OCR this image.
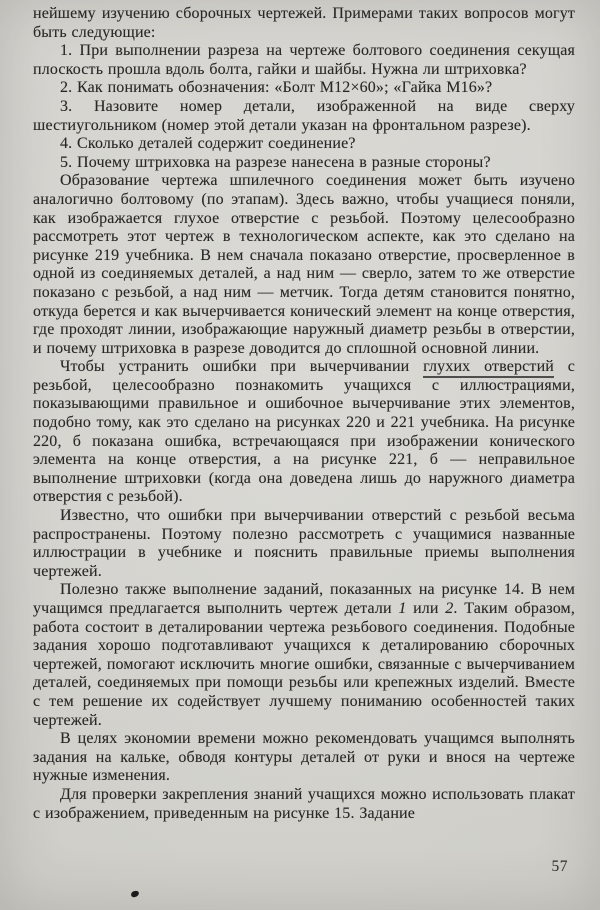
нейшему изучению сборочных чертежей. Примерами таких вопросов могут быть следующие:

1. При выполнении разреза на чертеже болтового соединения секущая плоскость прошла вдоль болта, гайки и шайбы. Нужна ли штриховка?

2. Как понимать обозначения: «Болт М12×60»; «Гайка М16»?

3. Назовите номер детали, изображенной на виде сверху шестиугольником (номер этой детали указан на фронтальном разрезе).

4. Сколько деталей содержит соединение?

5. Почему штриховка на разрезе нанесена в разные стороны?

Образование чертежа шпилечного соединения может быть изучено аналогично болтовому (по этапам). Здесь важно, чтобы учащиеся поняли, как изображается глухое отверстие с резьбой. Поэтому целесообразно рассмотреть этот чертеж в технологическом аспекте, как это сделано на рисунке 219 учебника. В нем сначала показано отверстие, просверленное в одной из соединяемых деталей, а над ним — сверло, затем то же отверстие показано с резьбой, а над ним — метчик. Тогда детям становится понятно, откуда берется и как вычерчивается конический элемент на конце отверстия, где проходят линии, изображающие наружный диаметр резьбы в отверстии, и почему штриховка в разрезе доводится до сплошной основной линии.

Чтобы устранить ошибки при вычерчивании глухих отверстий с резьбой, целесообразно познакомить учащихся с иллюстрациями, показывающими правильное и ошибочное вычерчивание этих элементов, подобно тому, как это сделано на рисунках 220 и 221 учебника. На рисунке 220, б показана ошибка, встречающаяся при изображении конического элемента на конце отверстия, а на рисунке 221, б — неправильное выполнение штриховки (когда она доведена лишь до наружного диаметра отверстия с резьбой).

Известно, что ошибки при вычерчивании отверстий с резьбой весьма распространены. Поэтому полезно рассмотреть с учащимися названные иллюстрации в учебнике и пояснить правильные приемы выполнения чертежей.

Полезно также выполнение заданий, показанных на рисунке 14. В нем учащимся предлагается выполнить чертеж детали 1 или 2. Таким образом, работа состоит в деталировании чертежа резьбового соединения. Подобные задания хорошо подготавливают учащихся к деталированию сборочных чертежей, помогают исключить многие ошибки, связанные с вычерчиванием деталей, соединяемых при помощи резьбы или крепежных изделий. Вместе с тем решение их содействует лучшему пониманию особенностей таких чертежей.

В целях экономии времени можно рекомендовать учащимся выполнять задания на кальке, обводя контуры деталей от руки и внося на чертеже нужные изменения.

Для проверки закрепления знаний учащихся можно использовать плакат с изображением, приведенным на рисунке 15. Задание

57
